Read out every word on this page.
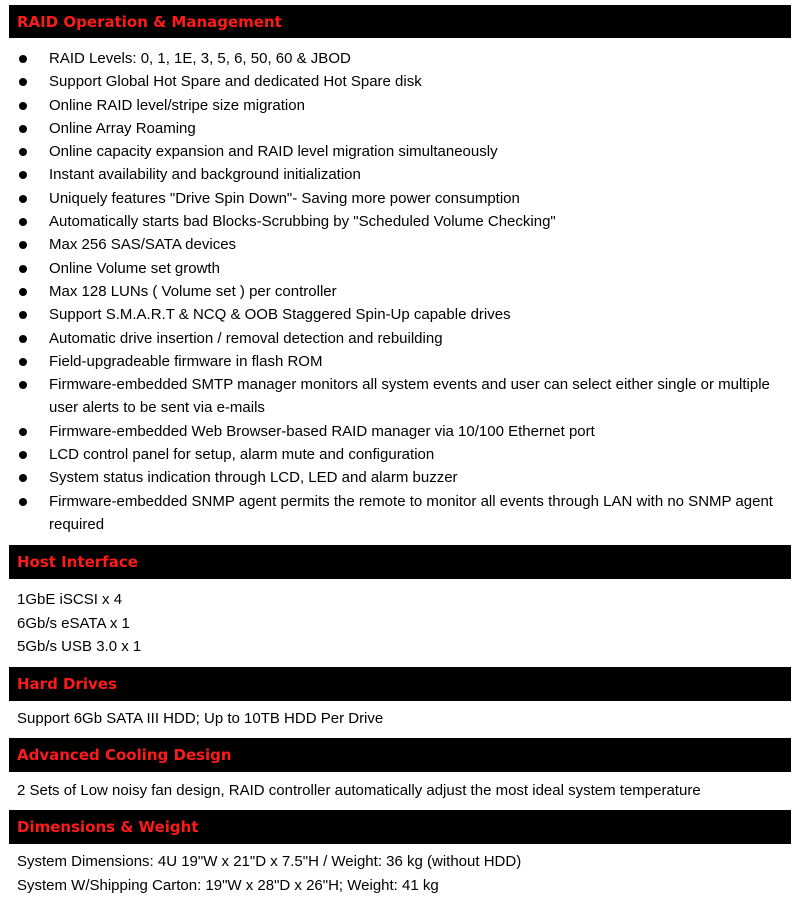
RAID Operation & Management
RAID Levels: 0, 1, 1E, 3, 5, 6, 50, 60 & JBOD
Support Global Hot Spare and dedicated Hot Spare disk
Online RAID level/stripe size migration
Online Array Roaming
Online capacity expansion and RAID level migration simultaneously
Instant availability and background initialization
Uniquely features "Drive Spin Down"- Saving more power consumption
Automatically starts bad Blocks-Scrubbing by "Scheduled Volume Checking"
Max 256 SAS/SATA devices
Online Volume set growth
Max 128 LUNs ( Volume set ) per controller
Support S.M.A.R.T & NCQ & OOB Staggered Spin-Up capable drives
Automatic drive insertion / removal detection and rebuilding
Field-upgradeable firmware in flash ROM
Firmware-embedded SMTP manager monitors all system events and user can select either single or multiple user alerts to be sent via e-mails
Firmware-embedded Web Browser-based RAID manager via 10/100 Ethernet port
LCD control panel for setup, alarm mute and configuration
System status indication through LCD, LED and alarm buzzer
Firmware-embedded SNMP agent permits the remote to monitor all events through LAN with no SNMP agent required
Host Interface
1GbE iSCSI x 4
6Gb/s eSATA x 1
5Gb/s USB 3.0 x 1
Hard Drives
Support 6Gb SATA III HDD; Up to 10TB HDD Per Drive
Advanced Cooling Design
2 Sets of Low noisy fan design, RAID controller automatically adjust the most ideal system temperature
Dimensions & Weight
System Dimensions: 4U 19"W x 21"D x 7.5"H / Weight: 36 kg (without HDD)
System W/Shipping Carton: 19"W x 28"D x 26"H; Weight: 41 kg
